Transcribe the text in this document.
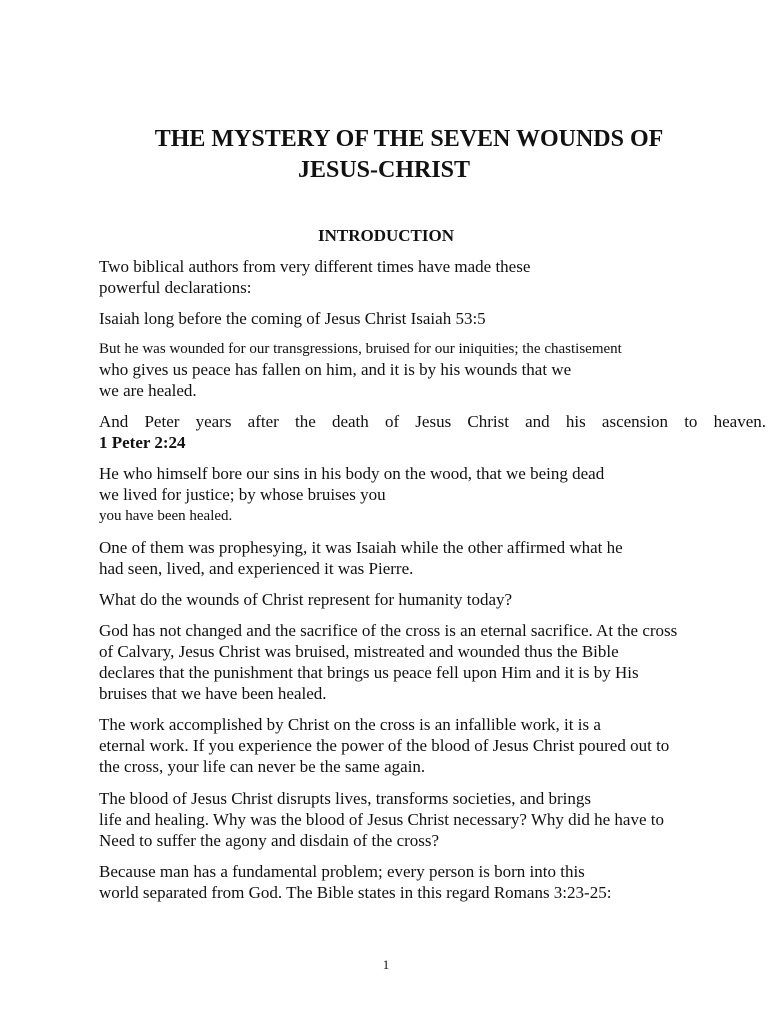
THE MYSTERY OF THE SEVEN WOUNDS OF
JESUS-CHRIST
INTRODUCTION

Two biblical authors from very different times have made these

powerful declarations:

Isaiah long before the coming of Jesus Christ Isaiah 53:5

But he was wounded for our transgressions, bruised for our iniquities; the chastisement

who gives us peace has fallen on him, and it is by his wounds that we

we are healed.

And Peter years after the death of Jesus Christ and his ascension to heaven.

1 Peter 2:24

He who himself bore our sins in his body on the wood, that we being dead

we lived for justice; by whose bruises you

you have been healed.

One of them was prophesying, it was Isaiah while the other affirmed what he

had seen, lived, and experienced it was Pierre.

What do the wounds of Christ represent for humanity today?

God has not changed and the sacrifice of the cross is an eternal sacrifice. At the cross

of Calvary, Jesus Christ was bruised, mistreated and wounded thus the Bible

declares that the punishment that brings us peace fell upon Him and it is by His

bruises that we have been healed.

The work accomplished by Christ on the cross is an infallible work, it is a

eternal work. If you experience the power of the blood of Jesus Christ poured out to

the cross, your life can never be the same again.

The blood of Jesus Christ disrupts lives, transforms societies, and brings

life and healing. Why was the blood of Jesus Christ necessary? Why did he have to

Need to suffer the agony and disdain of the cross?

Because man has a fundamental problem; every person is born into this

world separated from God. The Bible states in this regard Romans 3:23-25:

1
